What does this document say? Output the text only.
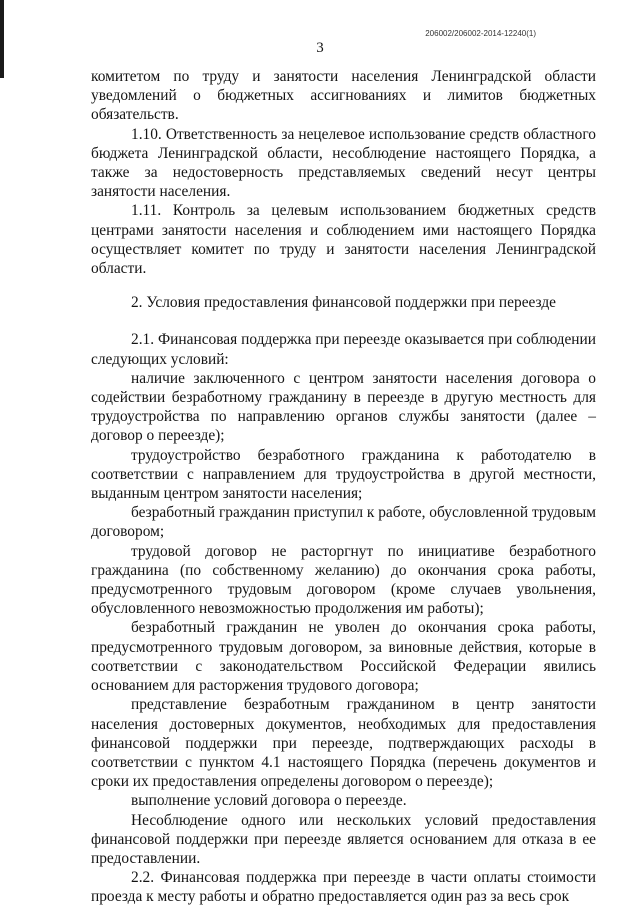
206002/206002-2014-12240(1)
3

комитетом по труду и занятости населения Ленинградской области уведомлений о бюджетных ассигнованиях и лимитов бюджетных обязательств.

1.10. Ответственность за нецелевое использование средств областного бюджета Ленинградской области, несоблюдение настоящего Порядка, а также за недостоверность представляемых сведений несут центры занятости населения.

1.11. Контроль за целевым использованием бюджетных средств центрами занятости населения и соблюдением ими настоящего Порядка осуществляет комитет по труду и занятости населения Ленинградской области.

2. Условия предоставления финансовой поддержки при переезде

2.1. Финансовая поддержка при переезде оказывается при соблюдении следующих условий:

наличие заключенного с центром занятости населения договора о содействии безработному гражданину в переезде в другую местность для трудоустройства по направлению органов службы занятости (далее – договор о переезде);

трудоустройство безработного гражданина к работодателю в соответствии с направлением для трудоустройства в другой местности, выданным центром занятости населения;

безработный гражданин приступил к работе, обусловленной трудовым договором;

трудовой договор не расторгнут по инициативе безработного гражданина (по собственному желанию) до окончания срока работы, предусмотренного трудовым договором (кроме случаев увольнения, обусловленного невозможностью продолжения им работы);

безработный гражданин не уволен до окончания срока работы, предусмотренного трудовым договором, за виновные действия, которые в соответствии с законодательством Российской Федерации явились основанием для расторжения трудового договора;

представление безработным гражданином в центр занятости населения достоверных документов, необходимых для предоставления финансовой поддержки при переезде, подтверждающих расходы в соответствии с пунктом 4.1 настоящего Порядка (перечень документов и сроки их предоставления определены договором о переезде);

выполнение условий договора о переезде.

Несоблюдение одного или нескольких условий предоставления финансовой поддержки при переезде является основанием для отказа в ее предоставлении.

2.2. Финансовая поддержка при переезде в части оплаты стоимости проезда к месту работы и обратно предоставляется один раз за весь срок
